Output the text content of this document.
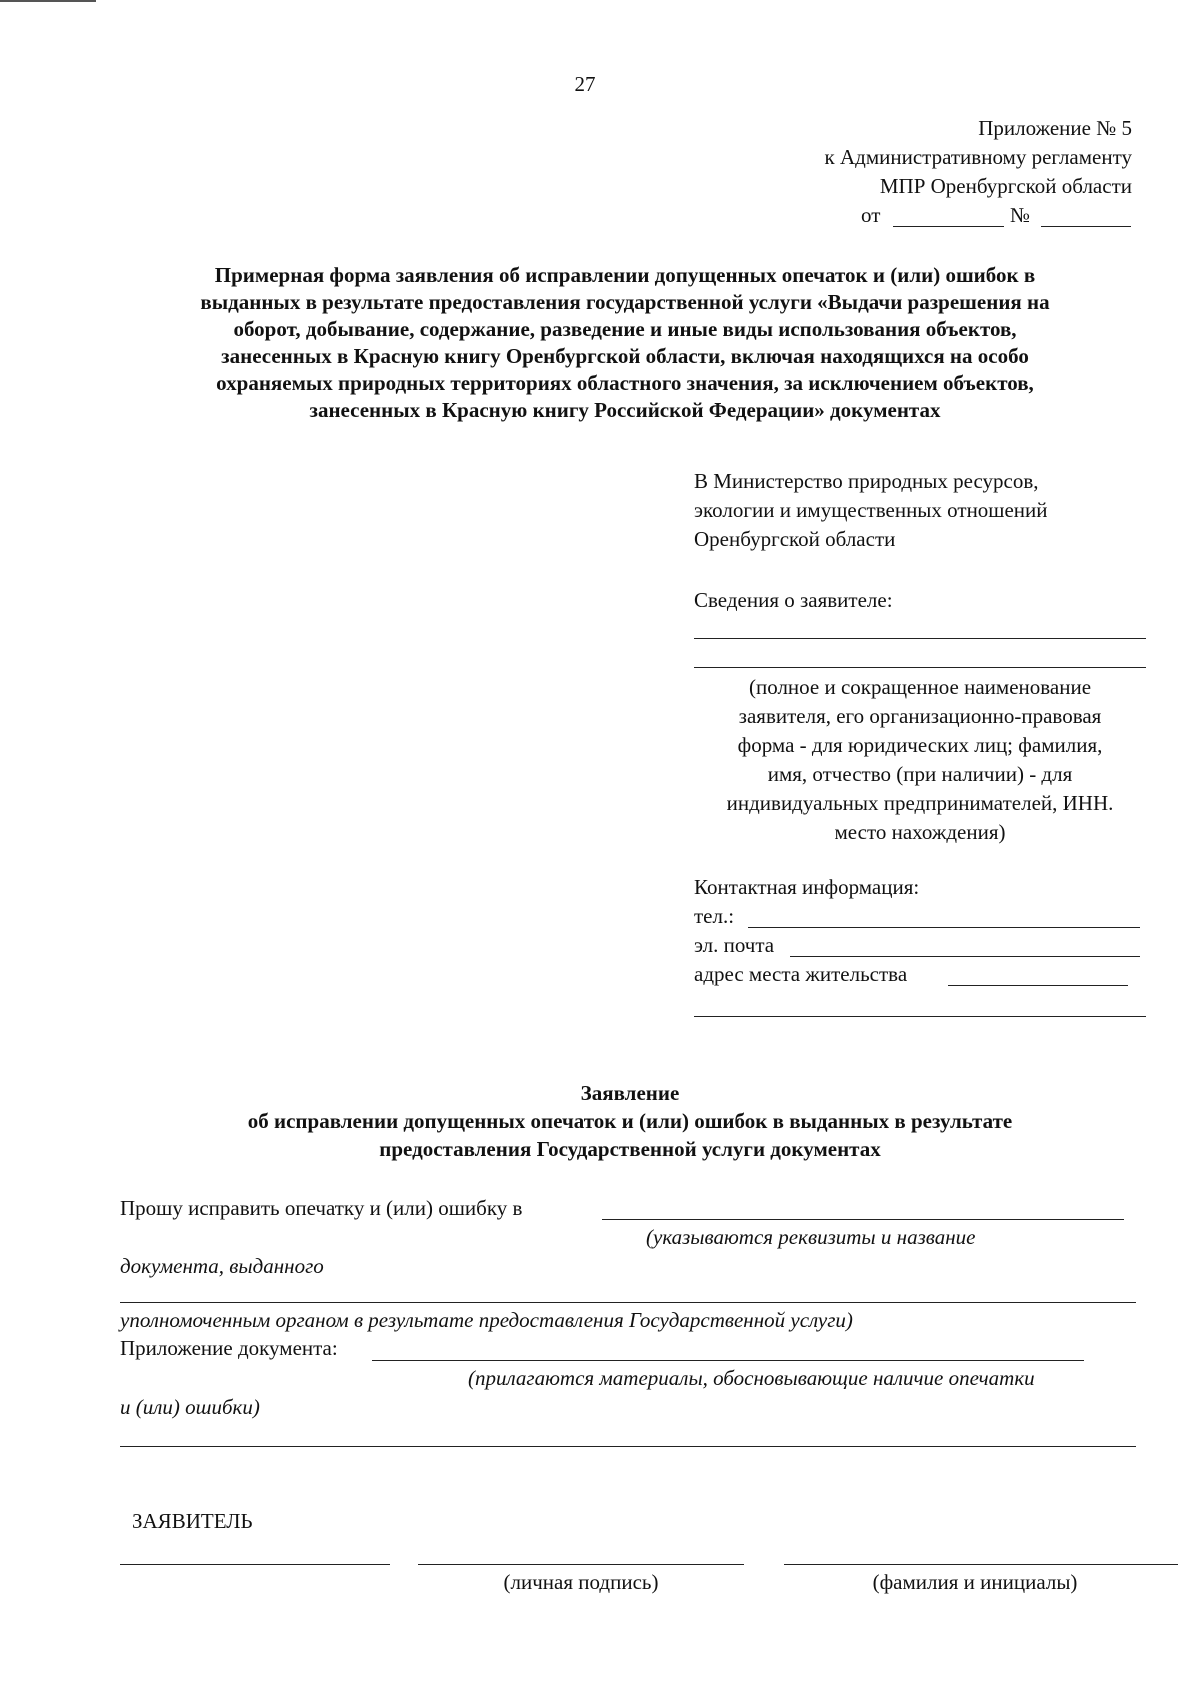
27
Приложение № 5
к Административному регламенту
МПР Оренбургской области
от	№
Примерная форма заявления об исправлении допущенных опечаток и (или) ошибок в
выданных в результате предоставления государственной услуги «Выдачи разрешения на
оборот, добывание, содержание, разведение и иные виды использования объектов,
занесенных в Красную книгу Оренбургской области, включая находящихся на особо
охраняемых природных территориях областного значения, за исключением объектов,
занесенных в Красную книгу Российской Федерации» документах
В Министерство природных ресурсов,
экологии и имущественных отношений
Оренбургской области
Сведения о заявителе:
(полное и сокращенное наименование
заявителя, его организационно-правовая
форма - для юридических лиц; фамилия,
имя, отчество (при наличии) - для
индивидуальных предпринимателей, ИНН.
место нахождения)
Контактная информация:
тел.:
эл. почта
адрес места жительства
Заявление
об исправлении допущенных опечаток и (или) ошибок в выданных в результате
предоставления Государственной услуги документах
Прошу исправить опечатку и (или) ошибку в
(указываются реквизиты и название
документа, выданного
уполномоченным органом в результате предоставления Государственной услуги)
Приложение документа:
(прилагаются материалы, обосновывающие наличие опечатки
и (или) ошибки)
ЗАЯВИТЕЛЬ
(личная подпись)	(фамилия и инициалы)
